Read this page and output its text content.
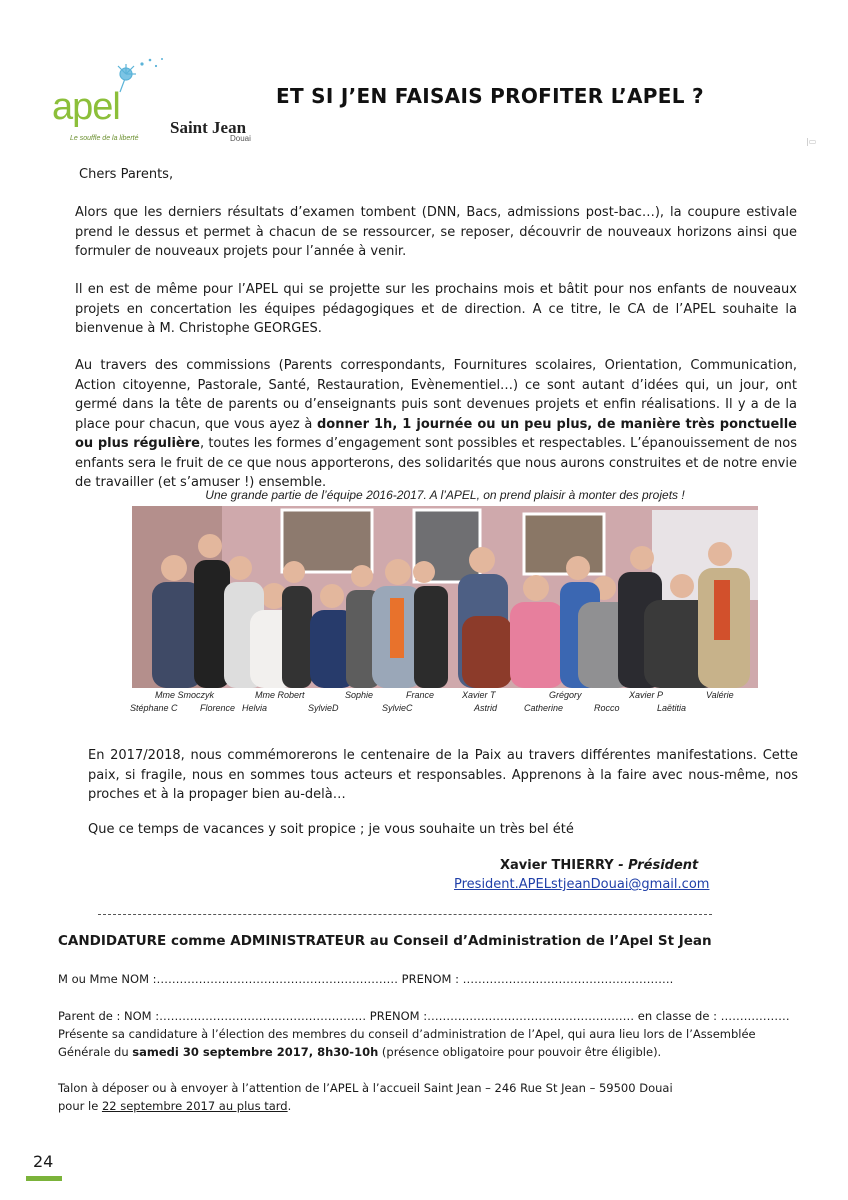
apel
Le souffle de la liberté
Saint Jean
Douai
ET SI J’EN FAISAIS PROFITER L’APEL ?
|▭
Chers Parents,
Alors que les derniers résultats d’examen tombent (DNN, Bacs, admissions post-bac…), la coupure estivale prend le dessus et permet à chacun de se ressourcer, se reposer, découvrir de nouveaux horizons ainsi que formuler de nouveaux projets pour l’année à venir.
Il en est de même pour l’APEL qui se projette sur les prochains mois et bâtit pour nos enfants de nouveaux projets en concertation les équipes pédagogiques et de direction. A ce titre, le CA de l’APEL souhaite la bienvenue à M. Christophe GEORGES.
Au travers des commissions (Parents correspondants, Fournitures scolaires, Orientation, Communication, Action citoyenne, Pastorale, Santé, Restauration, Evènementiel…) ce sont autant d’idées qui, un jour, ont germé dans la tête de parents ou d’enseignants puis sont devenues projets et enfin réalisations. Il y a de la place pour chacun, que vous ayez à donner 1h, 1 journée ou un peu plus, de manière très ponctuelle ou plus régulière, toutes les formes d’engagement sont possibles et respectables. L’épanouissement de nos enfants sera le fruit de ce que nous apporterons, des solidarités que nous aurons construites et de notre envie de travailler (et s’amuser !) ensemble.
Une grande partie de l’équipe 2016-2017. A l’APEL, on prend plaisir à monter des projets !
Mme Smoczyk	Mme Robert	Sophie	France	Xavier T	Grégory	Xavier P	Valérie
Stéphane C Florence Helvia	SylvieD	SylvieC	Astrid	Catherine	Rocco	Laëtitia
En 2017/2018, nous commémorerons le centenaire de la Paix au travers différentes manifestations. Cette paix, si fragile, nous en sommes tous acteurs et responsables. Apprenons à la faire avec nous-même, nos proches et à la propager bien au-delà…
Que ce temps de vacances y soit propice ; je vous souhaite un très bel été
Xavier THIERRY - Président
President.APELstjeanDouai@gmail.com
CANDIDATURE comme ADMINISTRATEUR au Conseil d’Administration de l’Apel St Jean
M ou Mme NOM :……………………………………………………… PRENOM : ……………………………………………….
Parent de : NOM :……………………………………………… PRENOM :……………………………………………… en classe de : ………………
Présente sa candidature à l’élection des membres du conseil d’administration de l’Apel, qui aura lieu lors de l’Assemblée
Générale du samedi 30 septembre 2017, 8h30-10h (présence obligatoire pour pouvoir être éligible).
Talon à déposer ou à envoyer à l’attention de l’APEL à l’accueil Saint Jean – 246 Rue St Jean – 59500 Douai
pour le 22 septembre 2017 au plus tard.
24
